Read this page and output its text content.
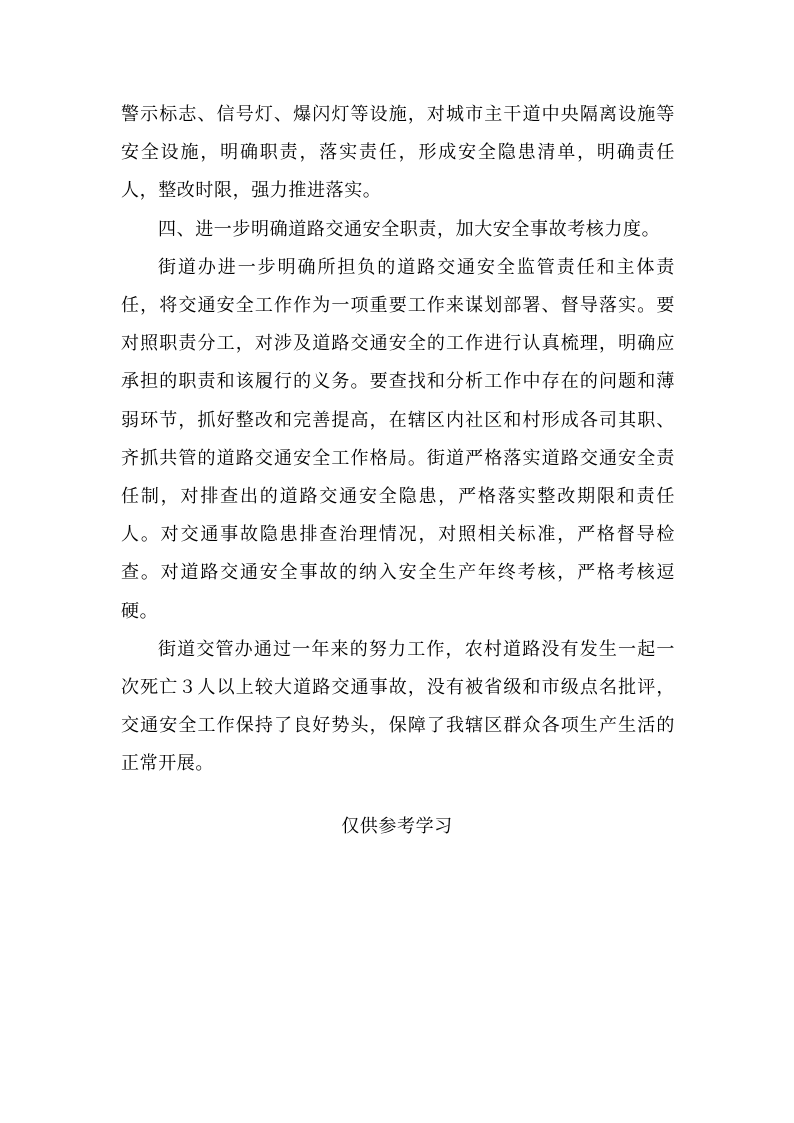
警示标志、信号灯、爆闪灯等设施，对城市主干道中央隔离设施等安全设施，明确职责，落实责任，形成安全隐患清单，明确责任人，整改时限，强力推进落实。

四、进一步明确道路交通安全职责，加大安全事故考核力度。

街道办进一步明确所担负的道路交通安全监管责任和主体责任，将交通安全工作作为一项重要工作来谋划部署、督导落实。要对照职责分工，对涉及道路交通安全的工作进行认真梳理，明确应承担的职责和该履行的义务。要查找和分析工作中存在的问题和薄弱环节，抓好整改和完善提高，在辖区内社区和村形成各司其职、齐抓共管的道路交通安全工作格局。街道严格落实道路交通安全责任制，对排查出的道路交通安全隐患，严格落实整改期限和责任人。对交通事故隐患排查治理情况，对照相关标准，严格督导检查。对道路交通安全事故的纳入安全生产年终考核，严格考核逗硬。

街道交管办通过一年来的努力工作，农村道路没有发生一起一次死亡３人以上较大道路交通事故，没有被省级和市级点名批评，交通安全工作保持了良好势头，保障了我辖区群众各项生产生活的正常开展。

仅供参考学习
